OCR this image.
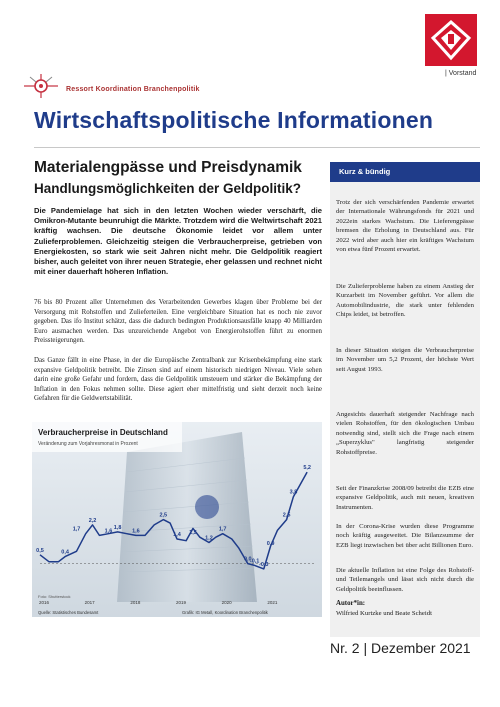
| Vorstand
Ressort Koordination Branchenpolitik
Wirtschaftspolitische Informationen
Materialengpässe und Preisdynamik
Handlungsmöglichkeiten der Geldpolitik?
Die Pandemielage hat sich in den letzten Wochen wieder verschärft, die Omikron-Mutante beunruhigt die Märkte. Trotzdem wird die Weltwirtschaft 2021 kräftig wachsen. Die deutsche Ökonomie leidet vor allem unter Zulieferproblemen. Gleichzeitig steigen die Verbraucherpreise, getrieben von Energiekosten, so stark wie seit Jahren nicht mehr. Die Geldpolitik reagiert bisher, auch geleitet von ihrer neuen Strategie, eher gelassen und rechnet nicht mit einer dauerhaft höheren Inflation.
76 bis 80 Prozent aller Unternehmen des Verarbeitenden Gewerbes klagen über Probleme bei der Versorgung mit Rohstoffen und Zulieferteilen. Eine vergleichbare Situation hat es noch nie zuvor gegeben. Das ifo Institut schätzt, dass die dadurch bedingten Produktionsausfälle knapp 40 Milliarden Euro ausmachen werden. Das unzureichende Angebot von Energierohstoffen führt zu enormen Preissteigerungen.
Das Ganze fällt in eine Phase, in der die Europäische Zentralbank zur Krisenbekämpfung eine stark expansive Geldpolitik betreibt. Die Zinsen sind auf einem historisch niedrigen Niveau. Viele sehen darin eine große Gefahr und fordern, dass die Geldpolitik umsteuern und stärker die Bekämpfung der Inflation in den Fokus nehmen sollte. Diese agiert eher mittelfristig und sieht derzeit noch keine Gefahren für die Geldwertstabilität.
Verbraucherpreise in Deutschland
Veränderung zum Vorjahresmonat in Prozent
0,5	0,4
1,7
2,2
1,6
1,8
1,6
2,5
1,4 1,5
1,2
1,7
0,0
-0,1
-0,3
0,9
2,5
3,8
5,2
2016	2017	2018	2019	2020	2021
Foto: Shutterstock
Quelle: Statistisches Bundesamt	Grafik: IG Metall, Koordination Branchenpolitik
Kurz & bündig
Trotz der sich verschärfenden Pandemie erwartet der Internationale Währungsfonds für 2021 und 2022ein starkes Wachstum. Die Lieferengpässe bremsen die Erholung in Deutschland aus. Für 2022 wird aber auch hier ein kräftiges Wachstum von etwa fünf Prozent erwartet.
Die Zulieferprobleme haben zu einem Anstieg der Kurzarbeit im November geführt. Vor allem die Automobilindustrie, die stark unter fehlenden Chips leidet, ist betroffen.
In dieser Situation steigen die Verbraucherpreise im November um 5,2 Prozent, der höchste Wert seit August 1993.
Angesichts dauerhaft steigender Nachfrage nach vielen Rohstoffen, für den ökologischen Umbau notwendig sind, stellt sich die Frage nach einem „Superzyklus" langfristig steigender Rohstoffpreise.
Seit der Finanzkrise 2008/09 betreibt die EZB eine expansive Geldpolitik, auch mit neuen, kreativen Instrumenten.
In der Corona-Krise wurden diese Programme noch kräftig ausgeweitet. Die Bilanzsumme der EZB liegt inzwischen bei über acht Billionen Euro.
Die aktuelle Inflation ist eine Folge des Rohstoff- und Teilemangels und lässt sich nicht durch die Geldpolitik beeinflussen.
Autor*in:
Wilfried Kurtzke und Beate Scheidt
Nr. 2 | Dezember 2021
